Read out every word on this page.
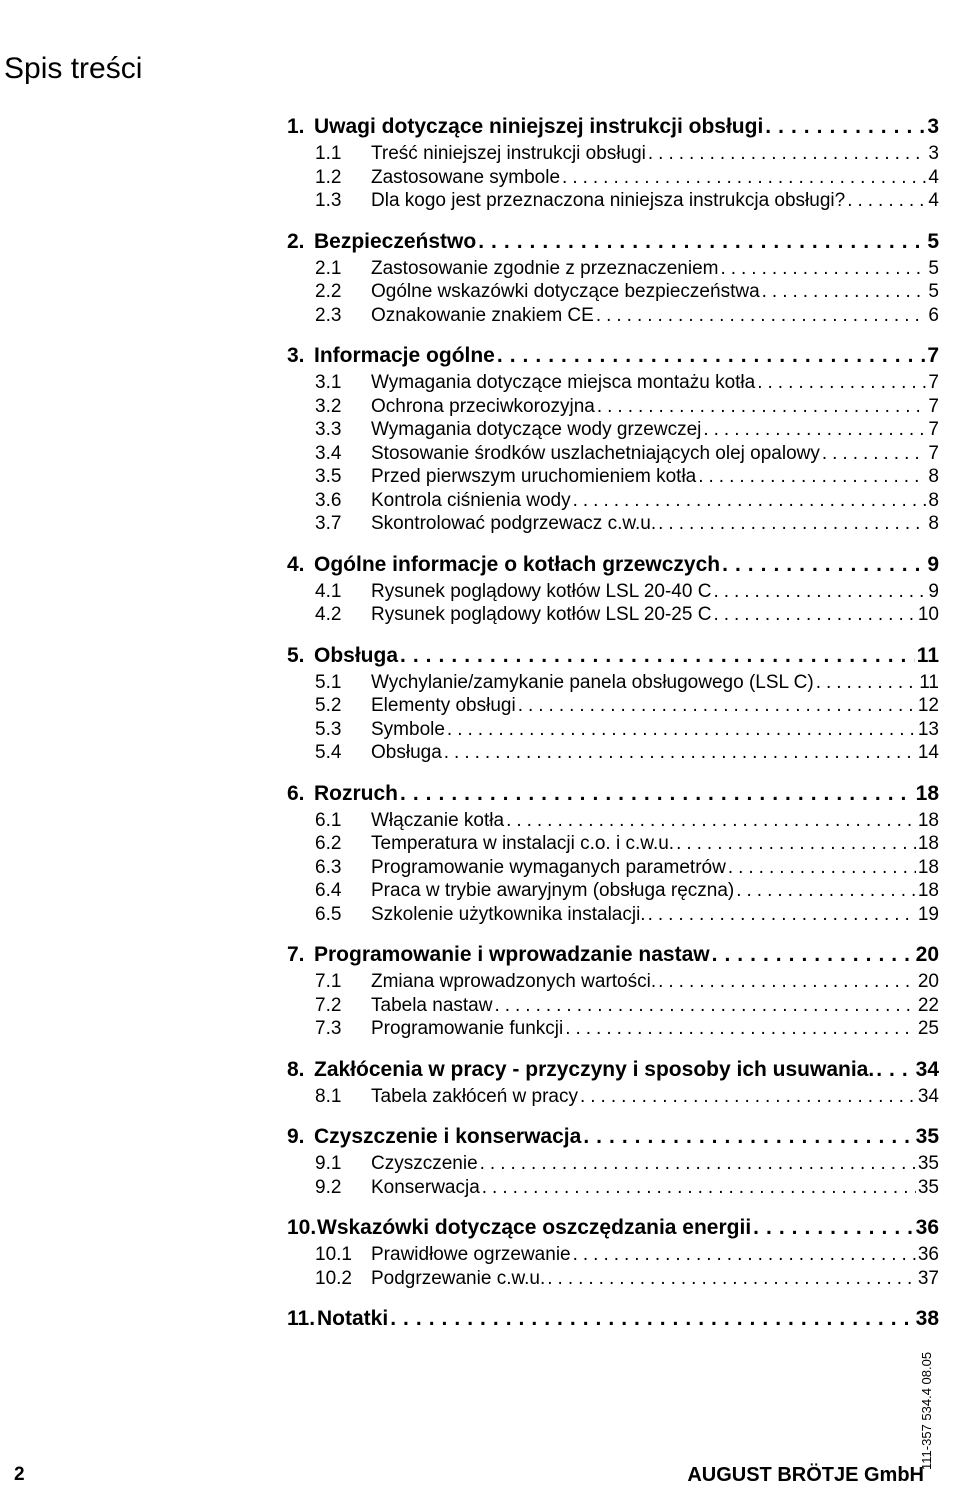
Spis treści
1. Uwagi dotyczące niniejszej instrukcji obsługi .....	3
1.1	Treść niniejszej instrukcji obsługi .....	3
1.2	Zastosowane symbole .....	4
1.3	Dla kogo jest przeznaczona niniejsza instrukcja obsługi? .....	4
2. Bezpieczeństwo .....	5
2.1	Zastosowanie zgodnie z przeznaczeniem .....	5
2.2	Ogólne wskazówki dotyczące bezpieczeństwa .....	5
2.3	Oznakowanie znakiem CE .....	6
3. Informacje ogólne .....	7
3.1	Wymagania dotyczące miejsca montażu kotła .....	7
3.2	Ochrona przeciwkorozyjna .....	7
3.3	Wymagania dotyczące wody grzewczej .....	7
3.4	Stosowanie środków uszlachetniających olej opalowy .....	7
3.5	Przed pierwszym uruchomieniem kotła .....	8
3.6	Kontrola ciśnienia wody .....	8
3.7	Skontrolować podgrzewacz c.w.u. .....	8
4. Ogólne informacje o kotłach grzewczych .....	9
4.1	Rysunek poglądowy kotłów LSL 20-40 C .....	9
4.2	Rysunek poglądowy kotłów LSL 20-25 C .....	10
5. Obsługa .....	11
5.1	Wychylanie/zamykanie panela obsługowego (LSL C) .....	11
5.2	Elementy obsługi .....	12
5.3	Symbole .....	13
5.4	Obsługa .....	14
6. Rozruch .....	18
6.1	Włączanie kotła .....	18
6.2	Temperatura w instalacji c.o. i c.w.u. .....	18
6.3	Programowanie wymaganych parametrów .....	18
6.4	Praca w trybie awaryjnym (obsługa ręczna) .....	18
6.5	Szkolenie użytkownika instalacji. .....	19
7. Programowanie i wprowadzanie nastaw .....	20
7.1	Zmiana wprowadzonych wartości. .....	20
7.2	Tabela nastaw .....	22
7.3	Programowanie funkcji .....	25
8. Zakłócenia w pracy - przyczyny i sposoby ich usuwania. ..... 34
8.1	Tabela zakłóceń w pracy .....	34
9. Czyszczenie i konserwacja .....	35
9.1	Czyszczenie .....	35
9.2	Konserwacja .....	35
10. Wskazówki dotyczące oszczędzania energii .....	36
10.1	Prawidłowe ogrzewanie .....	36
10.2	Podgrzewanie c.w.u. .....	37
11. Notatki .....	38
111-357 534.4 08.05
2	AUGUST BRÖTJE GmbH
